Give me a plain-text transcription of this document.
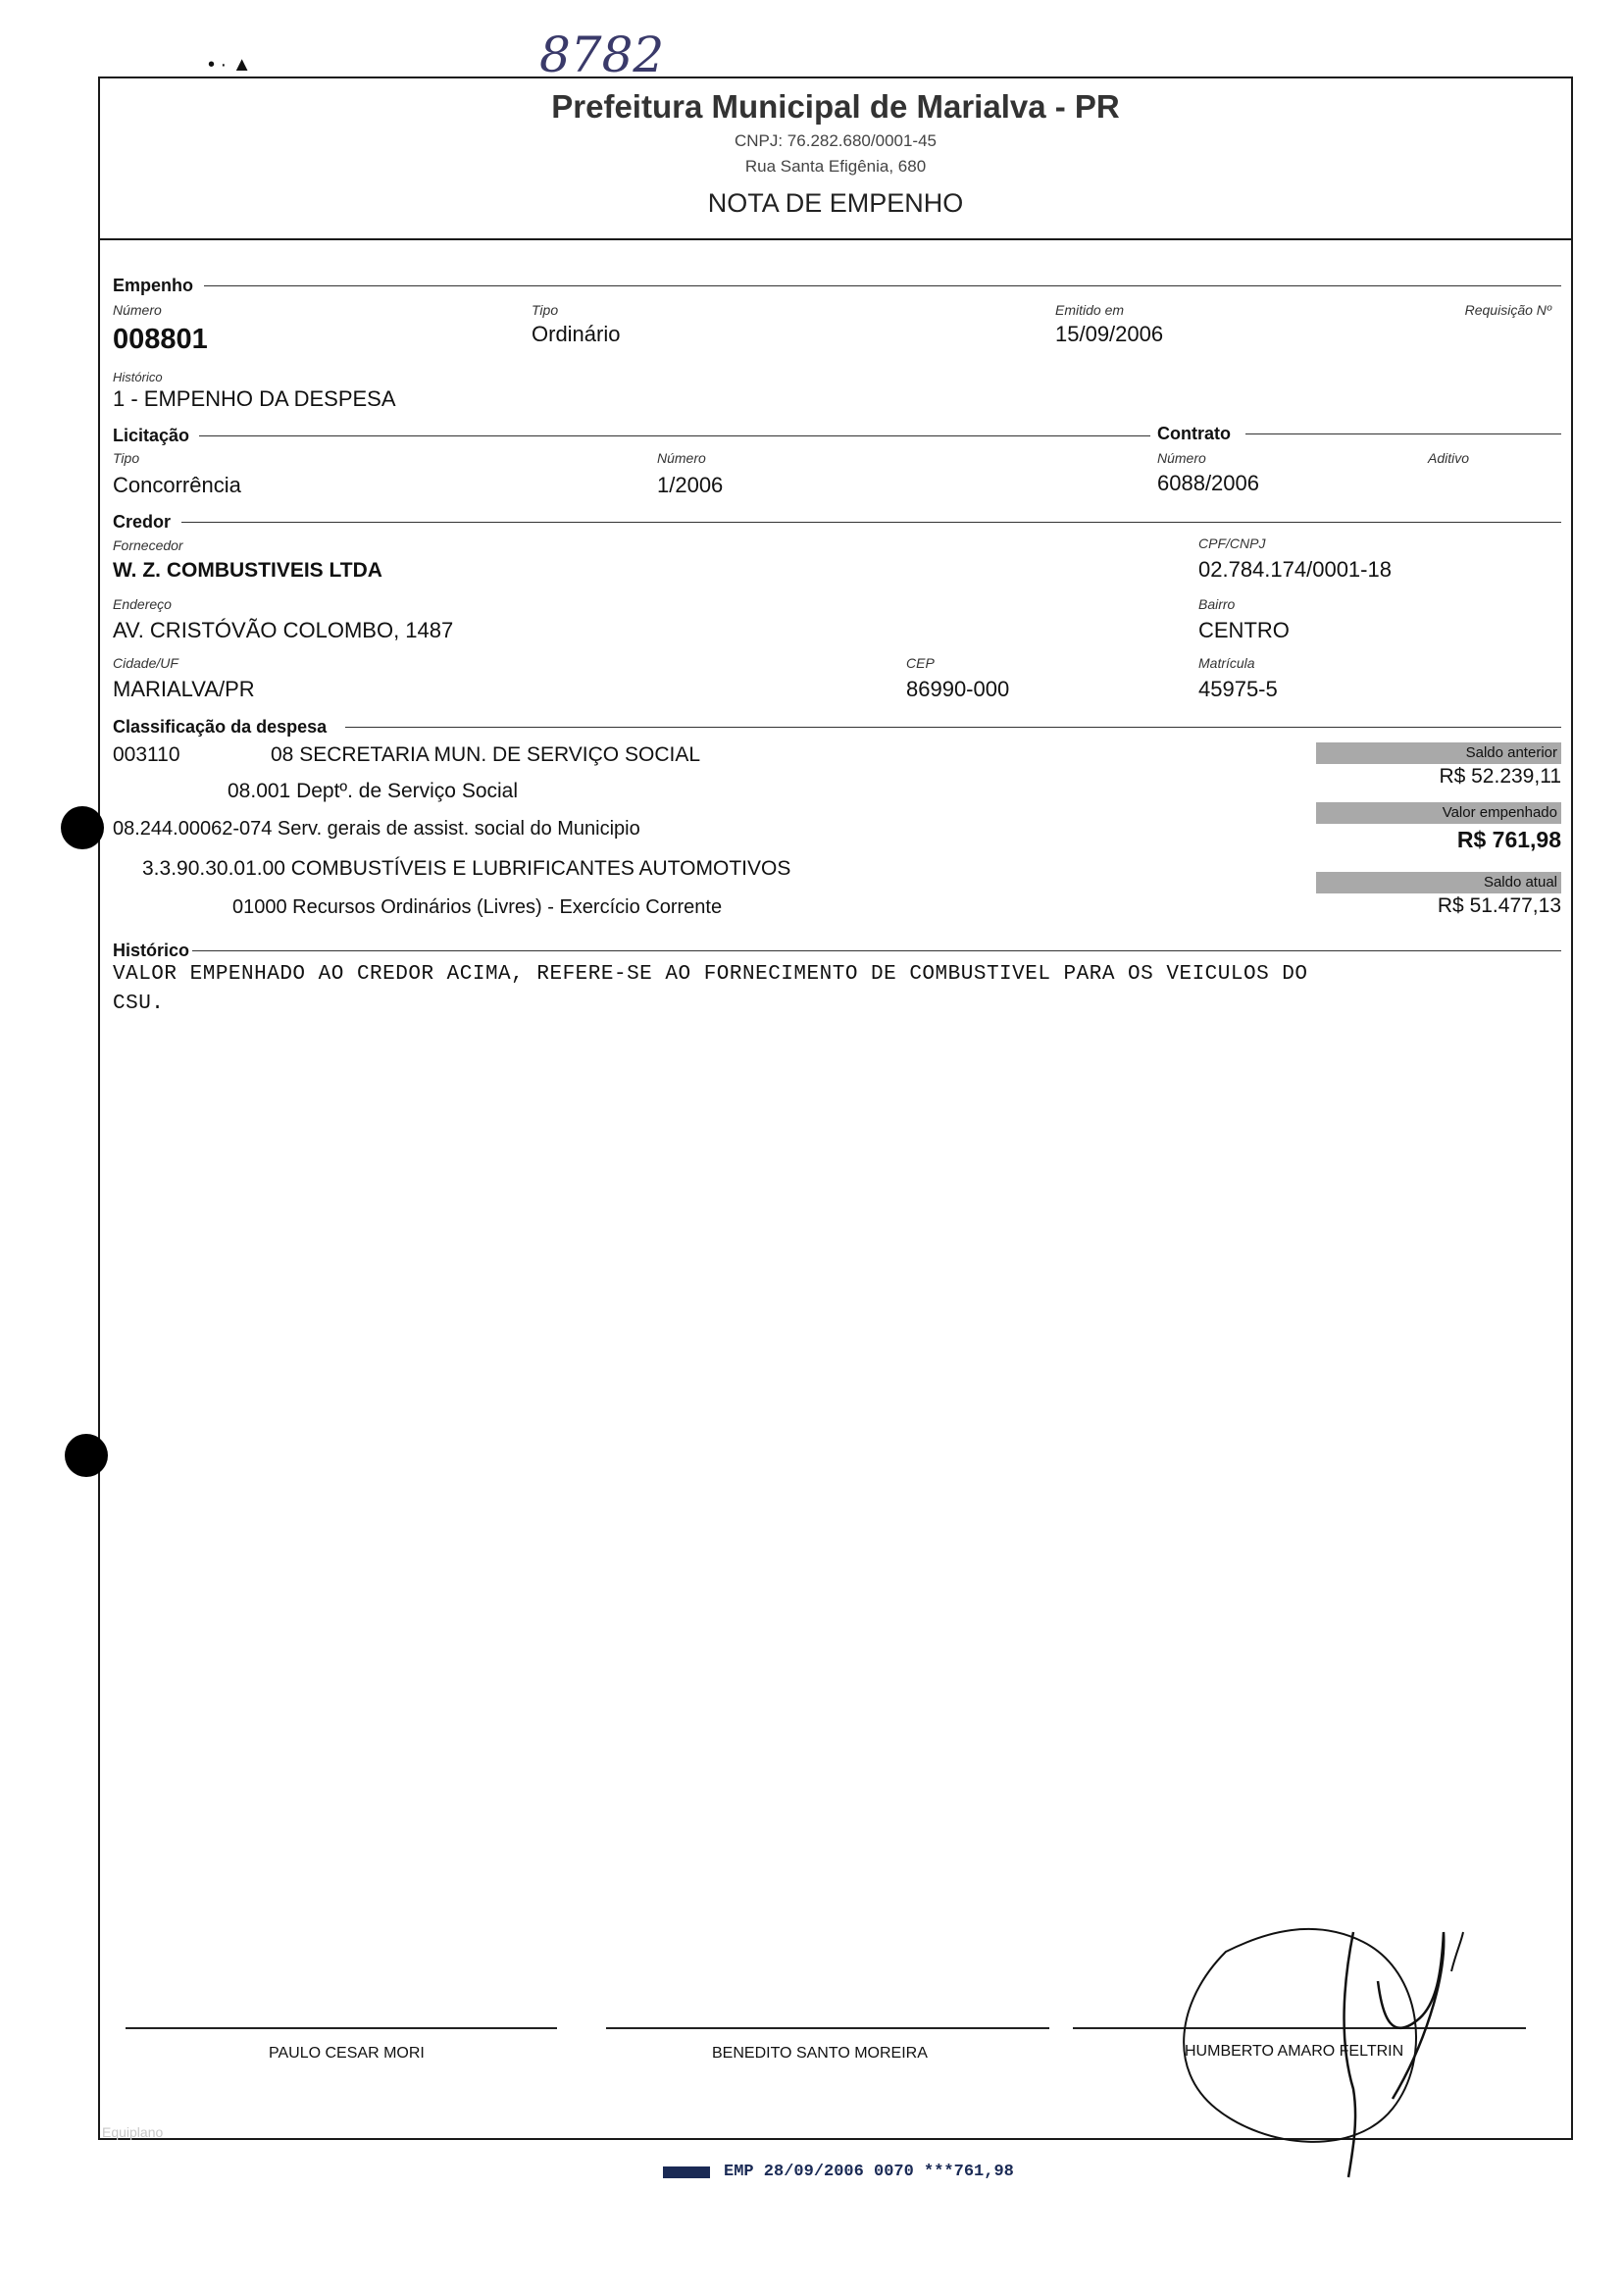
8782
• · ▲
Prefeitura Municipal de Marialva - PR
CNPJ: 76.282.680/0001-45
Rua Santa Efigênia, 680
NOTA DE EMPENHO
Empenho
Número
008801
Tipo
Ordinário
Emitido em
15/09/2006
Requisição Nº
Histórico
1 - EMPENHO DA DESPESA
Licitação	Contrato
Tipo
Concorrência
Número
1/2006
Número
6088/2006
Aditivo
Credor
Fornecedor
W. Z. COMBUSTIVEIS LTDA
CPF/CNPJ
02.784.174/0001-18
Endereço
AV. CRISTÓVÃO COLOMBO, 1487
Bairro
CENTRO
Cidade/UF
MARIALVA/PR
CEP
86990-000
Matrícula
45975-5
Classificação da despesa
003110	08 SECRETARIA MUN. DE SERVIÇO SOCIAL
08.001 Deptº. de Serviço Social
08.244.00062-074 Serv. gerais de assist. social do Municipio
3.3.90.30.01.00 COMBUSTÍVEIS E LUBRIFICANTES AUTOMOTIVOS
01000 Recursos Ordinários (Livres) - Exercício Corrente
Saldo anterior
R$ 52.239,11
Valor empenhado
R$ 761,98
Saldo atual
R$ 51.477,13
Histórico
VALOR EMPENHADO AO CREDOR ACIMA, REFERE-SE AO FORNECIMENTO DE COMBUSTIVEL PARA OS VEICULOS DO
CSU.
PAULO CESAR MORI	BENEDITO SANTO MOREIRA	HUMBERTO AMARO FELTRIN
Equiplano
EMP 28/09/2006 0070 ***761,98
